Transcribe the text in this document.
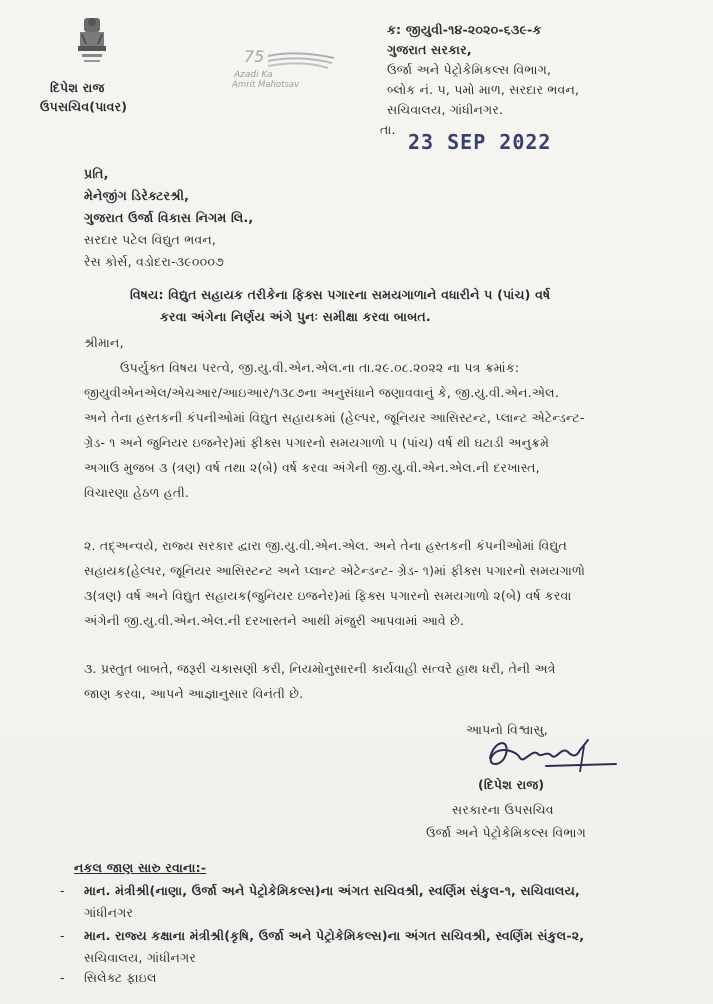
દિપેશ રાજ
ઉપસચિવ(પાવર)
75
Azadi Ka
Amrit Mahotsav
ક: જીયુવી-૧૪-૨૦૨૦-૬૩૯-ક
ગુજરાત સરકાર,
ઉર્જા અને પેટ્રોકેમિકલ્સ વિભાગ,
બ્લોક નં. ૫, પમો માળ, સરદાર ભવન,
સચિવાલય, ગાંધીનગર.
તા.
23 SEP 2022
પ્રતિ,
મેનેજીંગ ડિરેક્ટરશ્રી,
ગુજરાત ઉર્જા વિકાસ નિગમ લિ.,
સરદાર પટેલ વિદ્યુત ભવન,
રેસ કોર્સ, વડોદરા-૩૯૦૦૦૭
વિષય: વિદ્યુત સહાયક તરીકેના ફિક્સ પગારના સમયગાળાને વધારીને ૫ (પાંચ) વર્ષ
કરવા અંગેના નિર્ણય અંગે પુનઃ સમીક્ષા કરવા બાબત.
શ્રીમાન,
ઉપર્યુક્ત વિષય પરત્વે, જી.યુ.વી.એન.એલ.ના તા.૨૯.૦૮.૨૦૨૨ ના પત્ર ક્રમાંક:
જીયુવીએનએલ/એચઆર/આઇઆર/૧૩૮૭ના અનુસંધાને જણાવવાનું કે, જી.યુ.વી.એન.એલ.
અને તેના હસ્તકની કંપનીઓમાં વિદ્યુત સહાયકમાં (હેલ્પર, જૂનિયર આસિસ્ટન્ટ, પ્લાન્ટ એટેન્ડન્ટ-
ગ્રેડ- ૧ અને જુનિયર ઇજનેર)માં ફીક્સ પગારનો સમયગાળો ૫ (પાંચ) વર્ષ થી ઘટાડી અનુક્રમે
અગાઉ મુજબ ૩ (ત્રણ) વર્ષ તથા ૨(બે) વર્ષ કરવા અંગેની જી.યુ.વી.એન.એલ.ની દરખાસ્ત,
વિચારણા હેઠળ હતી.
૨. તદ્અન્વયે, રાજ્ય સરકાર દ્વારા જી.યુ.વી.એન.એલ. અને તેના હસ્તકની કંપનીઓમાં વિદ્યુત
સહાયક(હેલ્પર, જૂનિયર આસિસ્ટન્ટ અને પ્લાન્ટ એટેન્ડન્ટ- ગ્રેડ- ૧)માં ફીક્સ પગારનો સમયગાળો
૩(ત્રણ) વર્ષ અને વિદ્યુત સહાયક(જુનિયર ઇજનેર)માં ફિક્સ પગારનો સમયગાળો ૨(બે) વર્ષ કરવા
અંગેની જી.યુ.વી.એન.એલ.ની દરખાસ્તને આથી મંજુરી આપવામાં આવે છે.
૩. પ્રસ્તુત બાબતે, જરૂરી ચકાસણી કરી, નિયમોનુસારની કાર્યવાહી સત્વરે હાથ ધરી, તેની અત્રે
જાણ કરવા, આપને આજ્ઞાનુસાર વિનંતી છે.
આપનો વિશ્વાસુ,
(દિપેશ રાજ)
સરકારના ઉપસચિવ
ઉર્જા અને પેટ્રોકેમિકલ્સ વિભાગ
નકલ જાણ સારુ રવાના:-
- માન. મંત્રીશ્રી(નાણા, ઉર્જા અને પેટ્રોકેમિકલ્સ)ના અંગત સચિવશ્રી, સ્વર્ણિમ સંકુલ-૧, સચિવાલય,
ગાંધીનગર
- માન. રાજ્ય કક્ષાના મંત્રીશ્રી(કૃષિ, ઉર્જા અને પેટ્રોકેમિકલ્સ)ના અંગત સચિવશ્રી, સ્વર્ણિમ સંકુલ-૨,
સચિવાલય, ગાંધીનગર
- સિલેક્ટ ફાઇલ
